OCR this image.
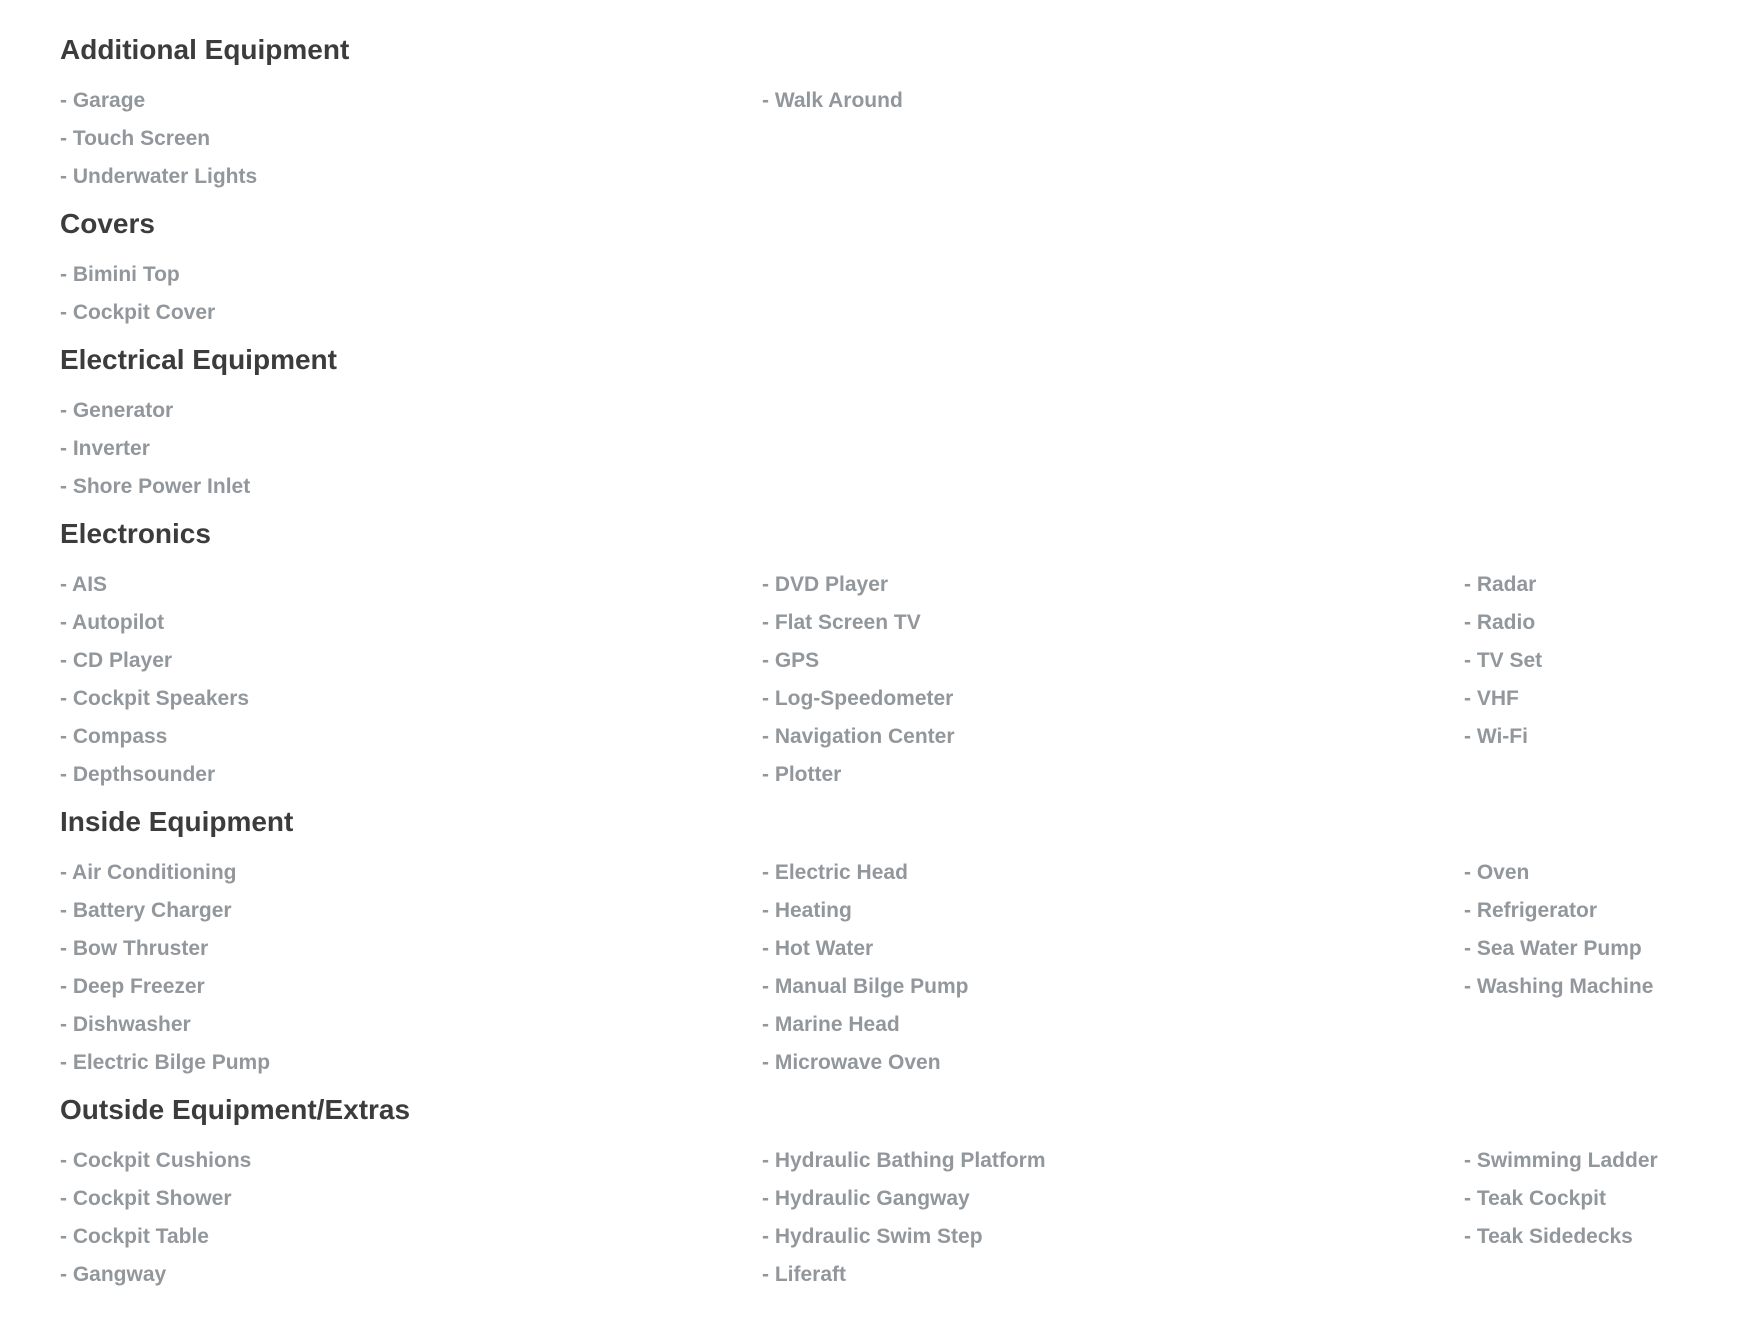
Additional Equipment
- Garage
- Touch Screen
- Underwater Lights
- Walk Around
Covers
- Bimini Top
- Cockpit Cover
Electrical Equipment
- Generator
- Inverter
- Shore Power Inlet
Electronics
- AIS
- Autopilot
- CD Player
- Cockpit Speakers
- Compass
- Depthsounder
- DVD Player
- Flat Screen TV
- GPS
- Log-Speedometer
- Navigation Center
- Plotter
- Radar
- Radio
- TV Set
- VHF
- Wi-Fi
Inside Equipment
- Air Conditioning
- Battery Charger
- Bow Thruster
- Deep Freezer
- Dishwasher
- Electric Bilge Pump
- Electric Head
- Heating
- Hot Water
- Manual Bilge Pump
- Marine Head
- Microwave Oven
- Oven
- Refrigerator
- Sea Water Pump
- Washing Machine
Outside Equipment/Extras
- Cockpit Cushions
- Cockpit Shower
- Cockpit Table
- Gangway
- Hydraulic Bathing Platform
- Hydraulic Gangway
- Hydraulic Swim Step
- Liferaft
- Swimming Ladder
- Teak Cockpit
- Teak Sidedecks
